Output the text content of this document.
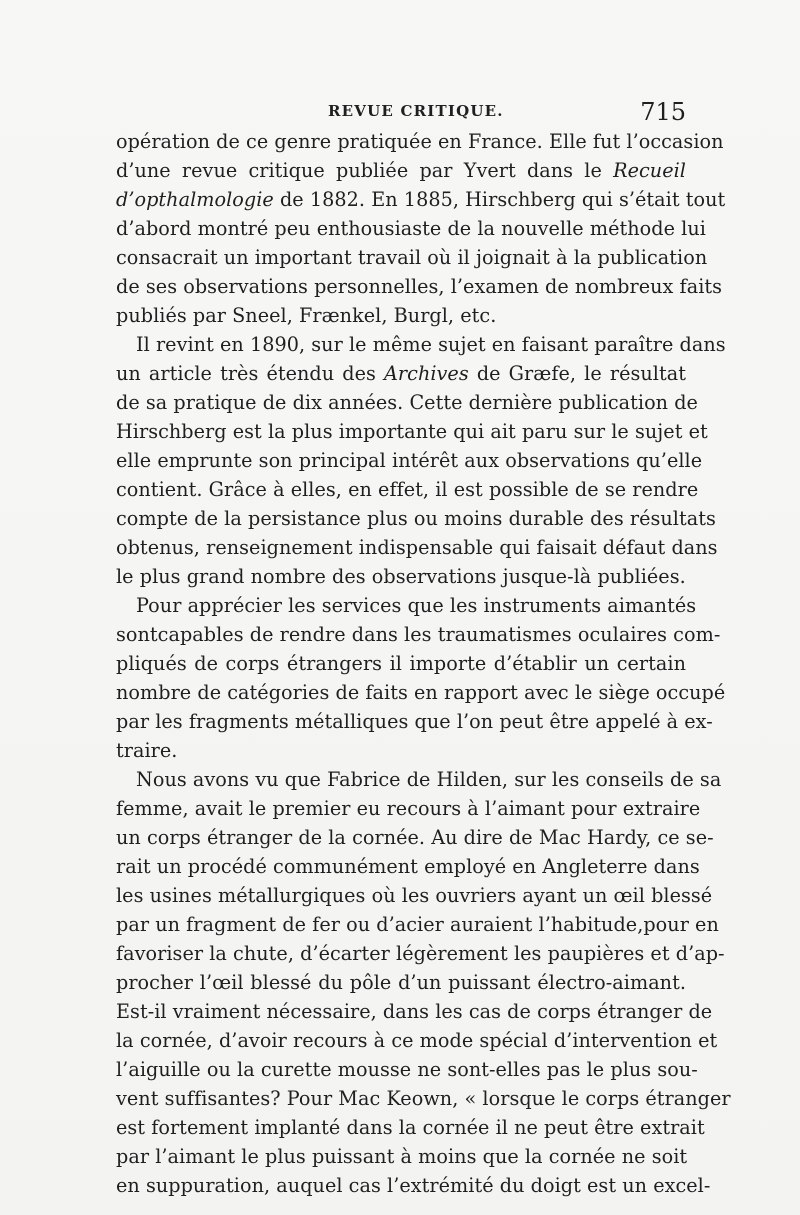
REVUE CRITIQUE.	715
opération de ce genre pratiquée en France. Elle fut l’occasion
d’une revue critique publiée par Yvert dans le Recueil
d’opthalmologie de 1882. En 1885, Hirschberg qui s’était tout
d’abord montré peu enthousiaste de la nouvelle méthode lui
consacrait un important travail où il joignait à la publication
de ses observations personnelles, l’examen de nombreux faits
publiés par Sneel, Frænkel, Burgl, etc.
Il revint en 1890, sur le même sujet en faisant paraître dans
un article très étendu des Archives de Græfe, le résultat
de sa pratique de dix années. Cette dernière publication de
Hirschberg est la plus importante qui ait paru sur le sujet et
elle emprunte son principal intérêt aux observations qu’elle
contient. Grâce à elles, en effet, il est possible de se rendre
compte de la persistance plus ou moins durable des résultats
obtenus, renseignement indispensable qui faisait défaut dans
le plus grand nombre des observations jusque-là publiées.
Pour apprécier les services que les instruments aimantés
sontcapables de rendre dans les traumatismes oculaires com-
pliqués de corps étrangers il importe d’établir un certain
nombre de catégories de faits en rapport avec le siège occupé
par les fragments métalliques que l’on peut être appelé à ex-
traire.
Nous avons vu que Fabrice de Hilden, sur les conseils de sa
femme, avait le premier eu recours à l’aimant pour extraire
un corps étranger de la cornée. Au dire de Mac Hardy, ce se-
rait un procédé communément employé en Angleterre dans
les usines métallurgiques où les ouvriers ayant un œil blessé
par un fragment de fer ou d’acier auraient l’habitude,pour en
favoriser la chute, d’écarter légèrement les paupières et d’ap-
procher l’œil blessé du pôle d’un puissant électro-aimant.
Est-il vraiment nécessaire, dans les cas de corps étranger de
la cornée, d’avoir recours à ce mode spécial d’intervention et
l’aiguille ou la curette mousse ne sont-elles pas le plus sou-
vent suffisantes? Pour Mac Keown, « lorsque le corps étranger
est fortement implanté dans la cornée il ne peut être extrait
par l’aimant le plus puissant à moins que la cornée ne soit
en suppuration, auquel cas l’extrémité du doigt est un excel-
